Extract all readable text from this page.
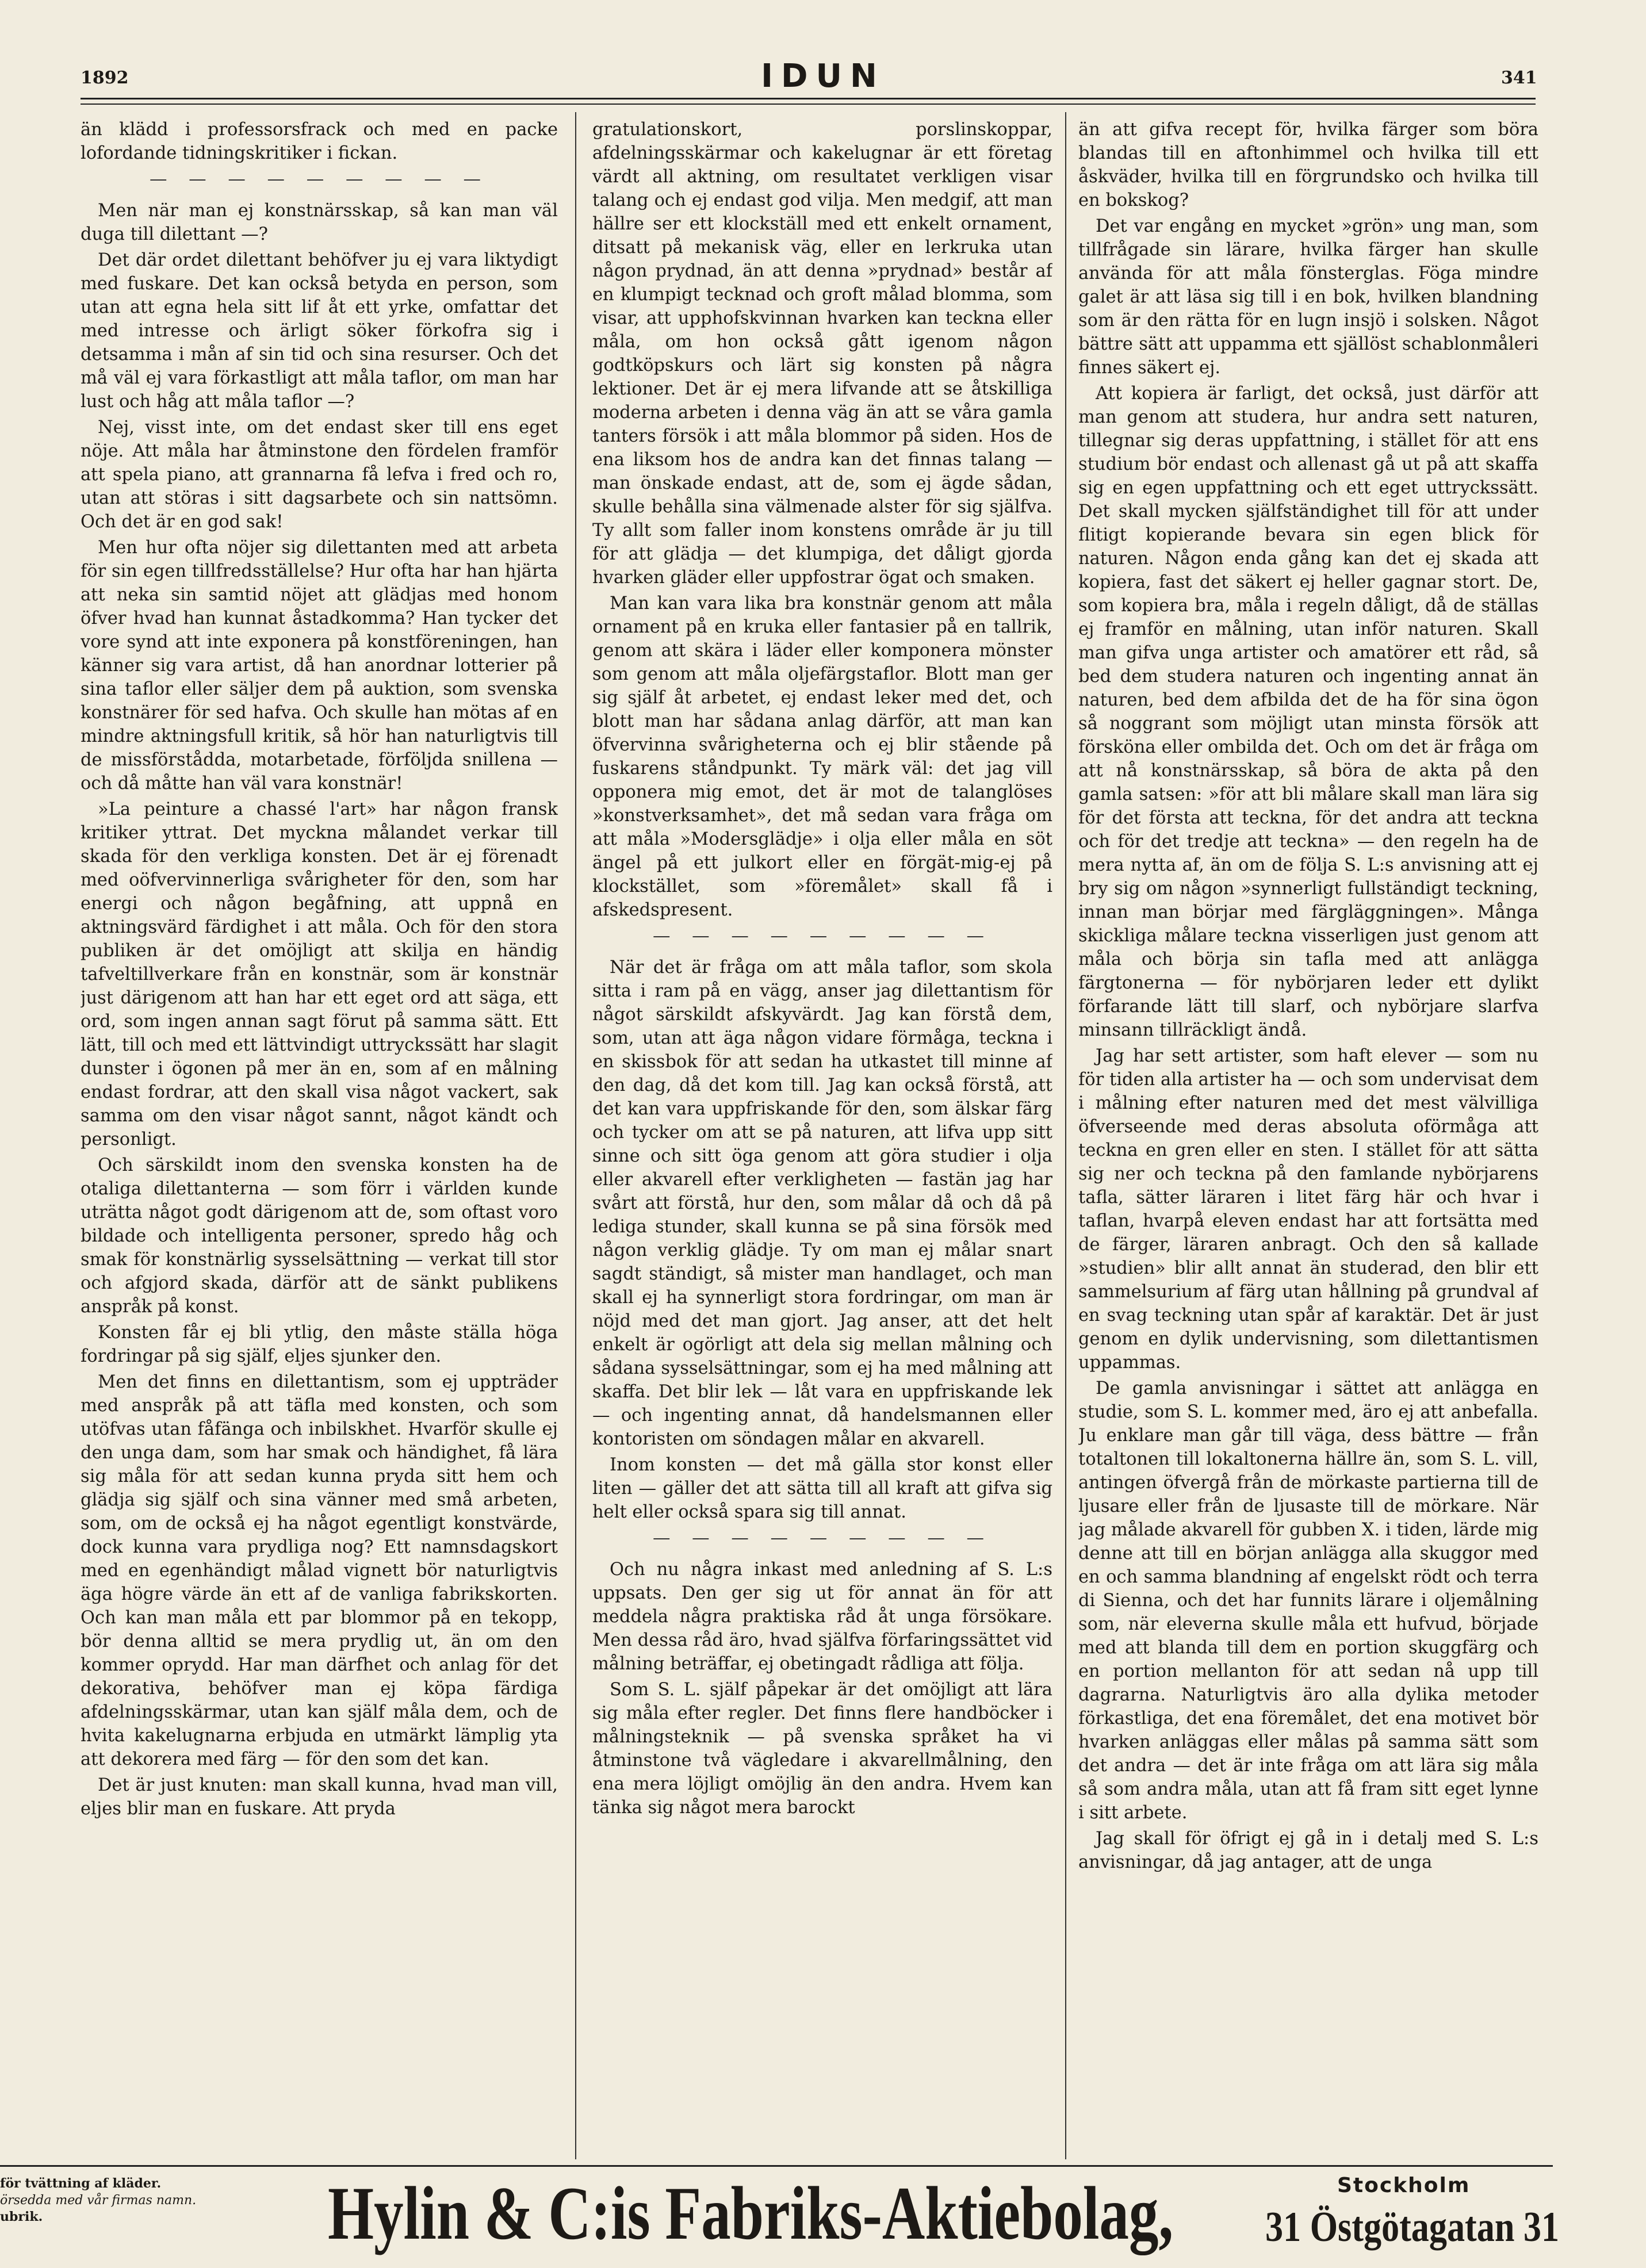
1892	IDUN	341

än klädd i professorsfrack och med en packe lofordande tidningskritiker i fickan.

— — — — — — — — —

Men när man ej konstnärsskap, så kan man väl duga till dilettant —?

Det där ordet dilettant behöfver ju ej vara liktydigt med fuskare. Det kan också betyda en person, som utan att egna hela sitt lif åt ett yrke, omfattar det med intresse och ärligt söker förkofra sig i detsamma i mån af sin tid och sina resurser. Och det må väl ej vara förkastligt att måla taflor, om man har lust och håg att måla taflor —?

Nej, visst inte, om det endast sker till ens eget nöje. Att måla har åtminstone den fördelen framför att spela piano, att grannarna få lefva i fred och ro, utan att störas i sitt dagsarbete och sin nattsömn. Och det är en god sak!

Men hur ofta nöjer sig dilettanten med att arbeta för sin egen tillfredsställelse? Hur ofta har han hjärta att neka sin samtid nöjet att glädjas med honom öfver hvad han kunnat åstadkomma? Han tycker det vore synd att inte exponera på konstföreningen, han känner sig vara artist, då han anordnar lotterier på sina taflor eller säljer dem på auktion, som svenska konstnärer för sed hafva. Och skulle han mötas af en mindre aktningsfull kritik, så hör han naturligtvis till de missförstådda, motarbetade, förföljda snillena — och då måtte han väl vara konstnär!

»La peinture a chassé l'art» har någon fransk kritiker yttrat. Det myckna målandet verkar till skada för den verkliga konsten. Det är ej förenadt med oöfvervinnerliga svårigheter för den, som har energi och någon begåfning, att uppnå en aktningsvärd färdighet i att måla. Och för den stora publiken är det omöjligt att skilja en händig tafveltillverkare från en konstnär, som är konstnär just därigenom att han har ett eget ord att säga, ett ord, som ingen annan sagt förut på samma sätt. Ett lätt, till och med ett lättvindigt uttryckssätt har slagit dunster i ögonen på mer än en, som af en målning endast fordrar, att den skall visa något vackert, sak samma om den visar något sannt, något kändt och personligt.

Och särskildt inom den svenska konsten ha de otaliga dilettanterna — som förr i världen kunde uträtta något godt därigenom att de, som oftast voro bildade och intelligenta personer, spredo håg och smak för konstnärlig sysselsättning — verkat till stor och afgjord skada, därför att de sänkt publikens anspråk på konst.

Konsten får ej bli ytlig, den måste ställa höga fordringar på sig själf, eljes sjunker den.

Men det finns en dilettantism, som ej uppträder med anspråk på att täfla med konsten, och som utöfvas utan fåfänga och inbilskhet. Hvarför skulle ej den unga dam, som har smak och händighet, få lära sig måla för att sedan kunna pryda sitt hem och glädja sig själf och sina vänner med små arbeten, som, om de också ej ha något egentligt konstvärde, dock kunna vara prydliga nog? Ett namnsdagskort med en egenhändigt målad vignett bör naturligtvis äga högre värde än ett af de vanliga fabrikskorten. Och kan man måla ett par blommor på en tekopp, bör denna alltid se mera prydlig ut, än om den kommer oprydd. Har man därfhet och anlag för det dekorativa, behöfver man ej köpa färdiga afdelningsskärmar, utan kan själf måla dem, och de hvita kakelugnarna erbjuda en utmärkt lämplig yta att dekorera med färg — för den som det kan.

Det är just knuten: man skall kunna, hvad man vill, eljes blir man en fuskare. Att pryda

gratulationskort, porslinskoppar, afdelningsskärmar och kakelugnar är ett företag värdt all aktning, om resultatet verkligen visar talang och ej endast god vilja. Men medgif, att man hällre ser ett klockställ med ett enkelt ornament, ditsatt på mekanisk väg, eller en lerkruka utan någon prydnad, än att denna »prydnad» består af en klumpigt tecknad och groft målad blomma, som visar, att upphofskvinnan hvarken kan teckna eller måla, om hon också gått igenom någon godtköpskurs och lärt sig konsten på några lektioner. Det är ej mera lifvande att se åtskilliga moderna arbeten i denna väg än att se våra gamla tanters försök i att måla blommor på siden. Hos de ena liksom hos de andra kan det finnas talang — man önskade endast, att de, som ej ägde sådan, skulle behålla sina välmenade alster för sig själfva. Ty allt som faller inom konstens område är ju till för att glädja — det klumpiga, det dåligt gjorda hvarken gläder eller uppfostrar ögat och smaken.

Man kan vara lika bra konstnär genom att måla ornament på en kruka eller fantasier på en tallrik, genom att skära i läder eller komponera mönster som genom att måla oljefärgstaflor. Blott man ger sig själf åt arbetet, ej endast leker med det, och blott man har sådana anlag därför, att man kan öfvervinna svårigheterna och ej blir stående på fuskarens ståndpunkt. Ty märk väl: det jag vill opponera mig emot, det är mot de talanglöses »konstverksamhet», det må sedan vara fråga om att måla »Modersglädje» i olja eller måla en söt ängel på ett julkort eller en förgät-mig-ej på klockstället, som »föremålet» skall få i afskedspresent.

— — — — — — — — —

När det är fråga om att måla taflor, som skola sitta i ram på en vägg, anser jag dilettantism för något särskildt afskyvärdt. Jag kan förstå dem, som, utan att äga någon vidare förmåga, teckna i en skissbok för att sedan ha utkastet till minne af den dag, då det kom till. Jag kan också förstå, att det kan vara uppfriskande för den, som älskar färg och tycker om att se på naturen, att lifva upp sitt sinne och sitt öga genom att göra studier i olja eller akvarell efter verkligheten — fastän jag har svårt att förstå, hur den, som målar då och då på lediga stunder, skall kunna se på sina försök med någon verklig glädje. Ty om man ej målar snart sagdt ständigt, så mister man handlaget, och man skall ej ha synnerligt stora fordringar, om man är nöjd med det man gjort. Jag anser, att det helt enkelt är ogörligt att dela sig mellan målning och sådana sysselsättningar, som ej ha med målning att skaffa. Det blir lek — låt vara en uppfriskande lek — och ingenting annat, då handelsmannen eller kontoristen om söndagen målar en akvarell.

Inom konsten — det må gälla stor konst eller liten — gäller det att sätta till all kraft att gifva sig helt eller också spara sig till annat.

— — — — — — — — —

Och nu några inkast med anledning af S. L:s uppsats. Den ger sig ut för annat än för att meddela några praktiska råd åt unga försökare. Men dessa råd äro, hvad själfva förfaringssättet vid målning beträffar, ej obetingadt rådliga att följa.

Som S. L. själf påpekar är det omöjligt att lära sig måla efter regler. Det finns flere handböcker i målningsteknik — på svenska språket ha vi åtminstone två vägledare i akvarellmålning, den ena mera löjligt omöjlig än den andra. Hvem kan tänka sig något mera barockt

än att gifva recept för, hvilka färger som böra blandas till en aftonhimmel och hvilka till ett åskväder, hvilka till en förgrundsko och hvilka till en bokskog?

Det var engång en mycket »grön» ung man, som tillfrågade sin lärare, hvilka färger han skulle använda för att måla fönsterglas. Föga mindre galet är att läsa sig till i en bok, hvilken blandning som är den rätta för en lugn insjö i solsken. Något bättre sätt att uppamma ett själlöst schablonmåleri finnes säkert ej.

Att kopiera är farligt, det också, just därför att man genom att studera, hur andra sett naturen, tillegnar sig deras uppfattning, i stället för att ens studium bör endast och allenast gå ut på att skaffa sig en egen uppfattning och ett eget uttryckssätt. Det skall mycken själfständighet till för att under flitigt kopierande bevara sin egen blick för naturen. Någon enda gång kan det ej skada att kopiera, fast det säkert ej heller gagnar stort. De, som kopiera bra, måla i regeln dåligt, då de ställas ej framför en målning, utan inför naturen. Skall man gifva unga artister och amatörer ett råd, så bed dem studera naturen och ingenting annat än naturen, bed dem afbilda det de ha för sina ögon så noggrant som möjligt utan minsta försök att försköna eller ombilda det. Och om det är fråga om att nå konstnärsskap, så böra de akta på den gamla satsen: »för att bli målare skall man lära sig för det första att teckna, för det andra att teckna och för det tredje att teckna» — den regeln ha de mera nytta af, än om de följa S. L:s anvisning att ej bry sig om någon »synnerligt fullständigt teckning, innan man börjar med färgläggningen». Många skickliga målare teckna visserligen just genom att måla och börja sin tafla med att anlägga färgtonerna — för nybörjaren leder ett dylikt förfarande lätt till slarf, och nybörjare slarfva minsann tillräckligt ändå.

Jag har sett artister, som haft elever — som nu för tiden alla artister ha — och som undervisat dem i målning efter naturen med det mest välvilliga öfverseende med deras absoluta oförmåga att teckna en gren eller en sten. I stället för att sätta sig ner och teckna på den famlande nybörjarens tafla, sätter läraren i litet färg här och hvar i taflan, hvarpå eleven endast har att fortsätta med de färger, läraren anbragt. Och den så kallade »studien» blir allt annat än studerad, den blir ett sammelsurium af färg utan hållning på grundval af en svag teckning utan spår af karaktär. Det är just genom en dylik undervisning, som dilettantismen uppammas.

De gamla anvisningar i sättet att anlägga en studie, som S. L. kommer med, äro ej att anbefalla. Ju enklare man går till väga, dess bättre — från totaltonen till lokaltonerna hällre än, som S. L. vill, antingen öfvergå från de mörkaste partierna till de ljusare eller från de ljusaste till de mörkare. När jag målade akvarell för gubben X. i tiden, lärde mig denne att till en början anlägga alla skuggor med en och samma blandning af engelskt rödt och terra di Sienna, och det har funnits lärare i oljemålning som, när eleverna skulle måla ett hufvud, började med att blanda till dem en portion skuggfärg och en portion mellanton för att sedan nå upp till dagrarna. Naturligtvis äro alla dylika metoder förkastliga, det ena föremålet, det ena motivet bör hvarken anläggas eller målas på samma sätt som det andra — det är inte fråga om att lära sig måla så som andra måla, utan att få fram sitt eget lynne i sitt arbete.

Jag skall för öfrigt ej gå in i detalj med S. L:s anvisningar, då jag antager, att de unga

för tvättning af kläder.
örsedda med vår firmas namn.
ubrik.	Hylin & C:is Fabriks-Aktiebolag,	Stockholm
31 Östgötagatan 31
